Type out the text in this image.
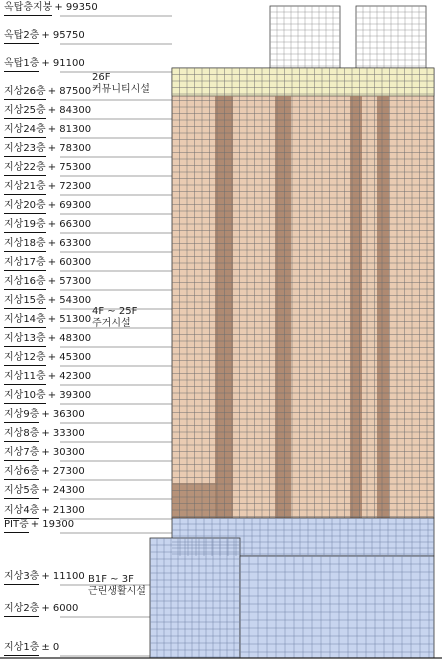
옥탑층지붕 + 99350
옥탑2층 + 95750
옥탑1층 + 91100
지상26층 + 87500
지상25층 + 84300
지상24층 + 81300
지상23층 + 78300
지상22층 + 75300
지상21층 + 72300
지상20층 + 69300
지상19층 + 66300
지상18층 + 63300
지상17층 + 60300
지상16층 + 57300
지상15층 + 54300
지상14층 + 51300
지상13층 + 48300
지상12층 + 45300
지상11층 + 42300
지상10층 + 39300
지상9층 + 36300
지상8층 + 33300
지상7층 + 30300
지상6층 + 27300
지상5층 + 24300
지상4층 + 21300
PIT층 + 19300
지상3층 + 11100
지상2층 + 6000
지상1층 ± 0
26F
커뮤니티시설
4F ~ 25F
주거시설
B1F ~ 3F
근린생활시설
